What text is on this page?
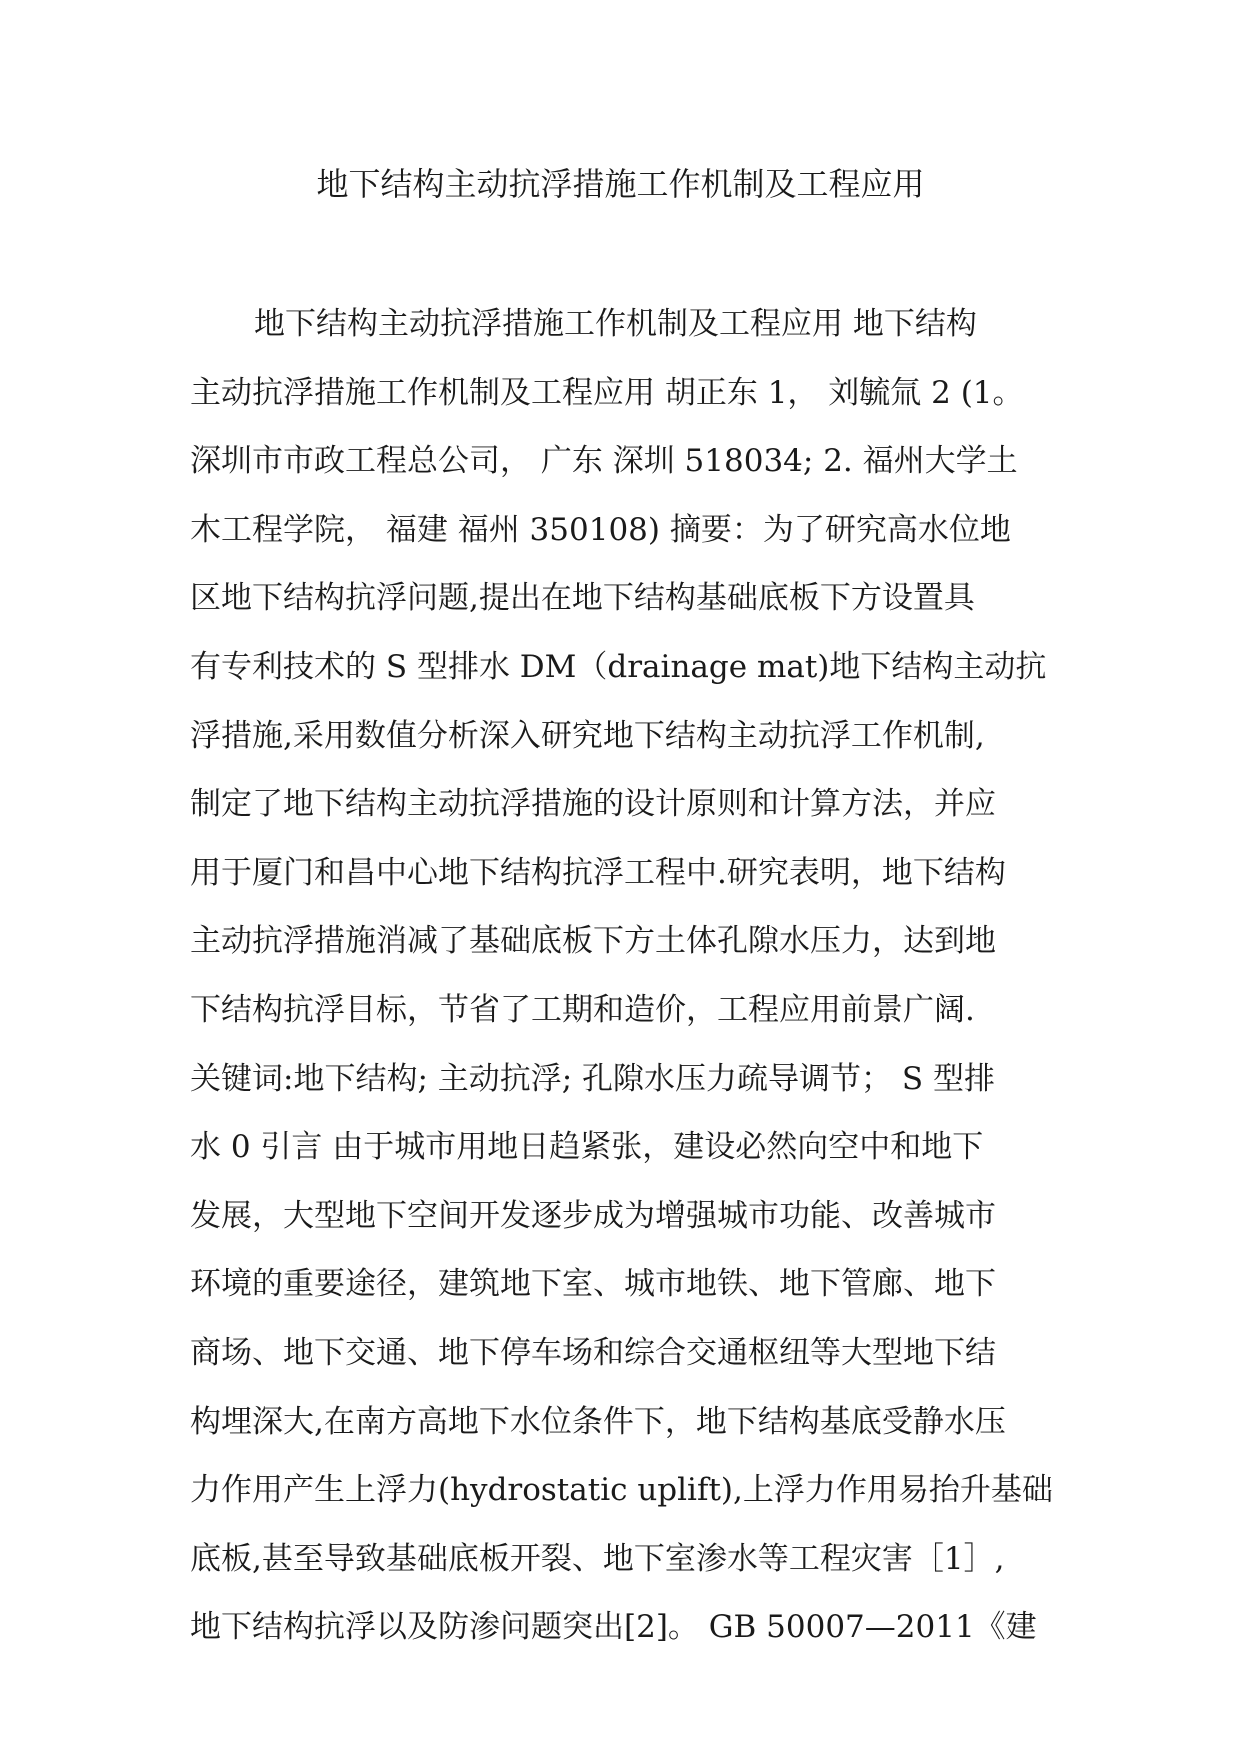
地下结构主动抗浮措施工作机制及工程应用
地下结构主动抗浮措施工作机制及工程应用 地下结构
主动抗浮措施工作机制及工程应用 胡正东 1， 刘毓氚 2 (1。
深圳市市政工程总公司， 广东 深圳 518034; 2. 福州大学土
木工程学院， 福建 福州 350108) 摘要：为了研究高水位地
区地下结构抗浮问题,提出在地下结构基础底板下方设置具
有专利技术的 S 型排水 DM（drainage mat)地下结构主动抗
浮措施,采用数值分析深入研究地下结构主动抗浮工作机制,
制定了地下结构主动抗浮措施的设计原则和计算方法，并应
用于厦门和昌中心地下结构抗浮工程中.研究表明，地下结构
主动抗浮措施消减了基础底板下方土体孔隙水压力，达到地
下结构抗浮目标，节省了工期和造价，工程应用前景广阔.
关键词:地下结构; 主动抗浮; 孔隙水压力疏导调节； S 型排
水 0 引言 由于城市用地日趋紧张，建设必然向空中和地下
发展，大型地下空间开发逐步成为增强城市功能、改善城市
环境的重要途径，建筑地下室、城市地铁、地下管廊、地下
商场、地下交通、地下停车场和综合交通枢纽等大型地下结
构埋深大,在南方高地下水位条件下，地下结构基底受静水压
力作用产生上浮力(hydrostatic uplift),上浮力作用易抬升基础
底板,甚至导致基础底板开裂、地下室渗水等工程灾害［1］,
地下结构抗浮以及防渗问题突出[2]。 GB 50007—2011《建
